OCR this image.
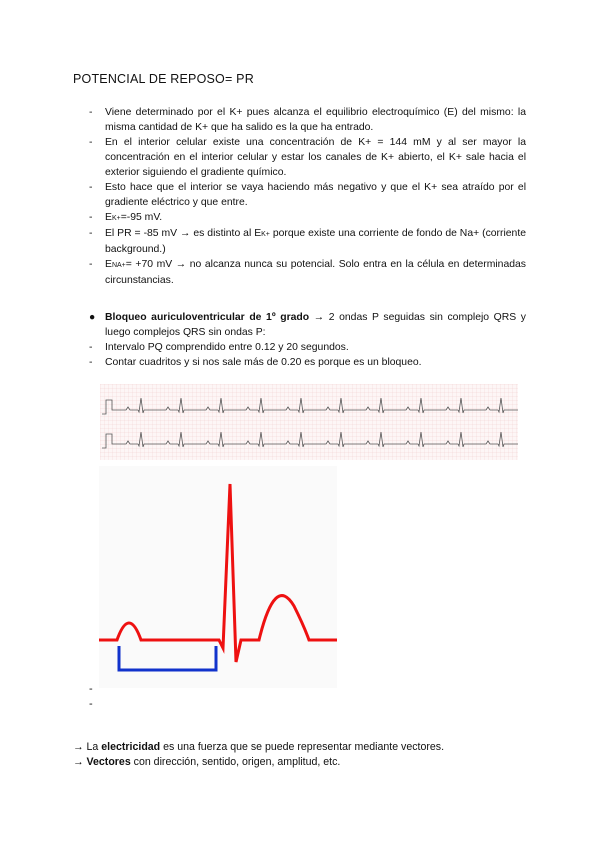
POTENCIAL DE REPOSO= PR
- Viene determinado por el K+ pues alcanza el equilibrio electroquímico (E) del mismo: la misma cantidad de K+ que ha salido es la que ha entrado.
- En el interior celular existe una concentración de K+ = 144 mM y al ser mayor la concentración en el interior celular y estar los canales de K+ abierto, el K+ sale hacia el exterior siguiendo el gradiente químico.
- Esto hace que el interior se vaya haciendo más negativo y que el K+ sea atraído por el gradiente eléctrico y que entre.
- EK+=-95 mV.
- El PR = -85 mV → es distinto al EK+ porque existe una corriente de fondo de Na+ (corriente background.)
- ENA+= +70 mV → no alcanza nunca su potencial. Solo entra en la célula en determinadas circunstancias.
● Bloqueo auriculoventricular de 1º grado → 2 ondas P seguidas sin complejo QRS y luego complejos QRS sin ondas P:
- Intervalo PQ comprendido entre 0.12 y 20 segundos.
- Contar cuadritos y si nos sale más de 0.20 es porque es un bloqueo.
-
-
→ La electricidad es una fuerza que se puede representar mediante vectores.
→ Vectores con dirección, sentido, origen, amplitud, etc.
